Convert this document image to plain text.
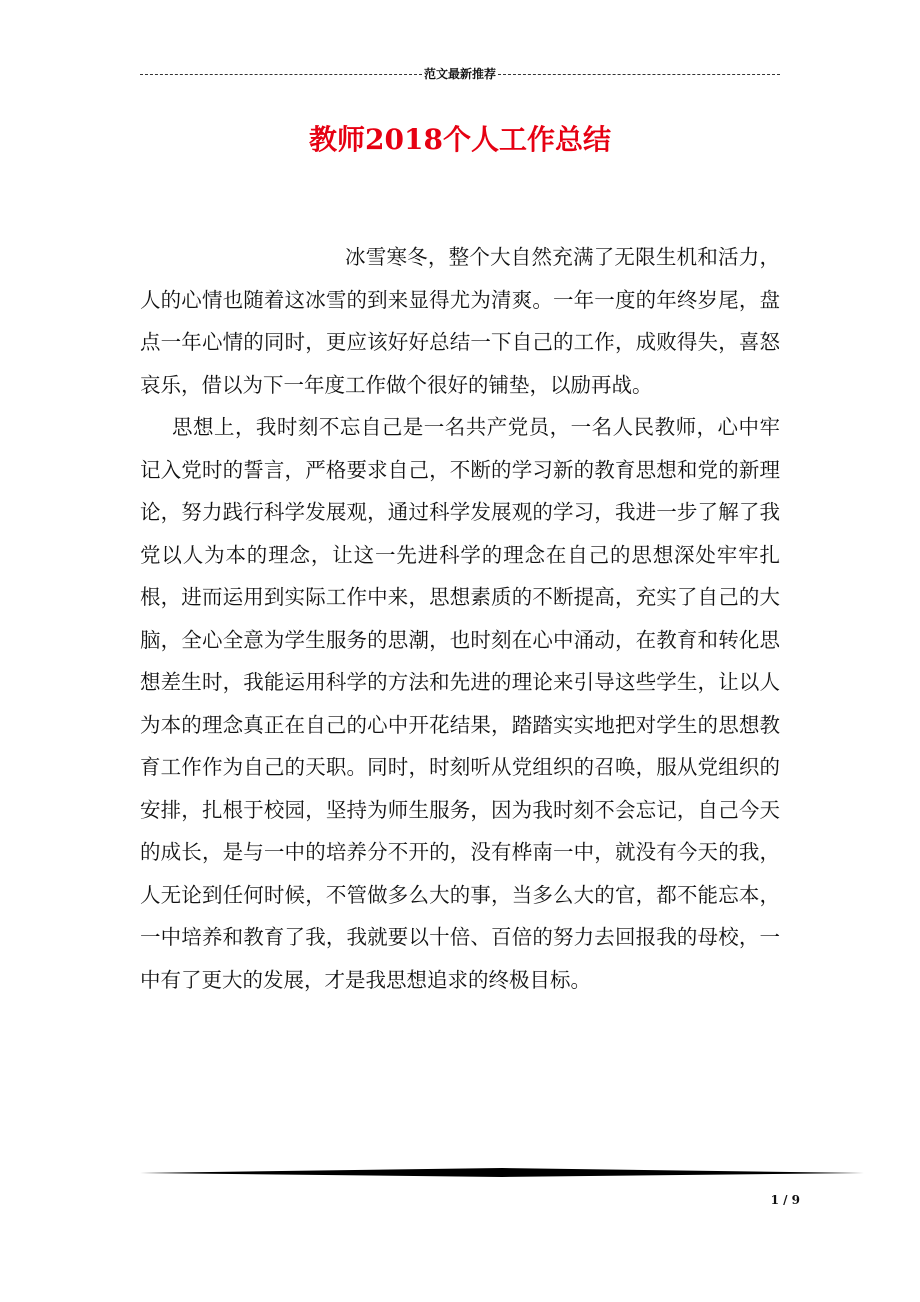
范文最新推荐
教师2018个人工作总结

冰雪寒冬，整个大自然充满了无限生机和活力，人的心情也随着这冰雪的到来显得尤为清爽。一年一度的年终岁尾，盘点一年心情的同时，更应该好好总结一下自己的工作，成败得失，喜怒哀乐，借以为下一年度工作做个很好的铺垫，以励再战。

思想上，我时刻不忘自己是一名共产党员，一名人民教师，心中牢记入党时的誓言，严格要求自己，不断的学习新的教育思想和党的新理论，努力践行科学发展观，通过科学发展观的学习，我进一步了解了我党以人为本的理念，让这一先进科学的理念在自己的思想深处牢牢扎根，进而运用到实际工作中来，思想素质的不断提高，充实了自己的大脑，全心全意为学生服务的思潮，也时刻在心中涌动，在教育和转化思想差生时，我能运用科学的方法和先进的理论来引导这些学生，让以人为本的理念真正在自己的心中开花结果，踏踏实实地把对学生的思想教育工作作为自己的天职。同时，时刻听从党组织的召唤，服从党组织的安排，扎根于校园，坚持为师生服务，因为我时刻不会忘记，自己今天的成长，是与一中的培养分不开的，没有桦南一中，就没有今天的我，人无论到任何时候，不管做多么大的事，当多么大的官，都不能忘本，一中培养和教育了我，我就要以十倍、百倍的努力去回报我的母校，一中有了更大的发展，才是我思想追求的终极目标。

1 / 9
